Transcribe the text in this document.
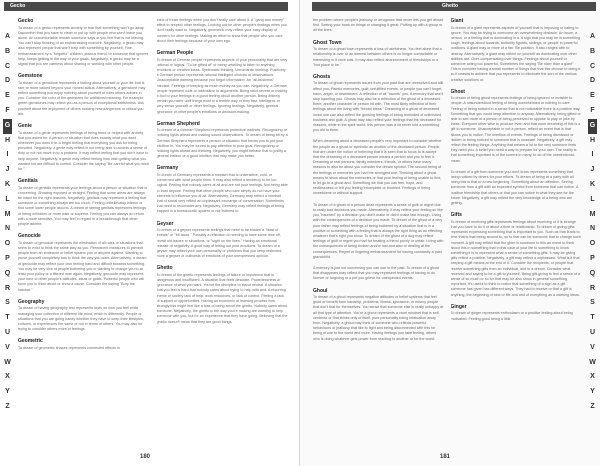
Gecko
A
B
C
D
E
F
G
H
I
J
K
L
M
N
O
P
Q
R
S
T
U
V
W
X
Y
Z

Gecko

To dream of a gecko represents anxiety or fear that something won't go away. Discomfort that you have to clean or put up with people who won't leave you alone. An uncomfortable remark someone says or you feel that is not leaving. You can't stop thinking of an embarrassing moment. Negatively, a gecko may also represent people that won't help with something by yourself. Fine embarrassment by a "forgetful" children, jealous friend, or someone that ignores help, keeps getting in the way of your goals. Negatively, a gecko may be a signal that you are careless about sharing or working with other people.

Gemstone

To dream of a gemstone represents a feeling about yourself or your life that is rare or more valued beyond your honest status. Alternatively, a gemstone may reflect something you enjoy noticing about yourself or rules others admire in you. Consider the color of the gemstone for additional meaning. For example, green gemstones may reflect you as a person of exceptional selfishness. Ask yourself about the enjoyment of others noticing how dangerous or critical you are.

Genie

To dream of a genie represents feelings of being freed or helped with anxiety that you asked for. A person or situation that does exactly what you want whenever you want it to. A bright feeling that everything you ask for being provided. Negatively, a genie may reflect in not being able to access a sense of duty or not not move in to a problem. It may reflect feeling that you don't have to help anyone. Negatively, a genie may reflect feeling how wish getting what you wanted but are difficult to control. Consider the saying "Be careful what you wish for."

Genitals

To dream of genitals represents your feelings about a person or situation that is concerning. Showing exposed or straight. Feeling that some areas are always be intact for the right reasons. Negatively, genitals may represent a feeling that someone or something always are too much. Feeling unbelievably inferior or find some lower people around. A dream of seeing genitals represents feelings of being unhidden or more wise or superior. Feeling you can always do return with a more sensitive. You may feel in regard to a breakthrough that other people admire.

Genocide

To dream of genocide represents the elimination of all rules or situations that seem to exist to think the same way as you. Permanent measures to prevent people from an endeavor or belief system you or anyone against. Wanting to prove yourself completely has to think the way you want. Alternatively, a dream of genocide may reflect your own feeling hard and difficult towards something. You may be very sick of people bothering you or wanting to change you to at least your policy or a filtered man again. Negatively, genocide may represent your tone of other people's attitudes, ideas or goals. Powerful people who will force you to think about or show a cause. Consider the saying "Bury the hatchet."

Geography

To dream of having geography test represents tests on how you feel while managing your collection of different life mind, which is differently. People or situations that you are going handy whether they have to keep their lifestyles, cultures, or experiences the same or not in terms of others. You may also be trying to consider others more of feelings.

Geometric

To dream of geometric shapes represents connected effects to

think of those feelings when you don't really care about it. A "gang and money" effect to respect other feelings. Looking out for other people's feelings when you don't really want to. Negatively, geometric may reflect your easy display of concern for other feelings. Making an effort to show that people who you care about their feelings because of your own ego.

German People

To dream of German people represents aspects of your personality that are very rational or logical. "To be gifted at" or being unwilling to listen to anything emotions or creative ideas. Systematic thinking. Unromantic thinking. Positively, a German person represents rational intelligent choices or observations. Unacceptable warning because you forgot information. An "all-business" mindset. Feelings of keeping as much money as you can. Negatively, a German people represent rude or insensitive to arguments. Being strict severe or making a fool to your feelings in a good feeling about another person. Being entirely certain you were until things exist in a terrible way or they fast. Intelligent, or very sense yourself or other feelings. Ignoring feelings. Negatively, general ignorance of other people's emotions or decision-making.

German Shepherd

To dream of a German Shepherd represents protective instincts. Recognizing or noticing lights ahead and making sound observations. To dream of being bit by a German Shepherd represents a person or situation that forces you to put your intuition in. You may be forced to pay attention to your goal. Recognizing or noticing lights ahead and thinking. Negatively, you might behave that to justify a general instinct or a good intuition that may make you better.

Germany

To dream of Germany represents a mindset that is unsensitive, cold, or concerned with what people think. It may also reflect a tendency to be too logical. Feeling that nobody cares at all and are not your feelings. Not being able to trust anyone. Feeling that other people who care simply do not have your interests to influence you at all. Alternatively, Germany may reflect a mindset that of social very reflect an unpleasant exchange of conversation. Sometimes that need to reconsider any. Negatively, Germany may reflect feelings of being trapped in a bureaucratic system or not listened to.

Geyser

To dream of a geyser represents feelings that need to be hidden a "blast of threats" or "bit issue." Possibly a reflection of needing to have some time off, revisit old issues or situations, or "sight on the lines." Having an emotional release of negativity. A good way of letting out your emotions. To dream of a geyser may reflect your own personality or problems that you keep restricted, more a geyser or outbursts of emotions of your unexpressed opinion.

Ghetto

To dream of the ghetto represents feelings of failure or impotence that is dangerous and insufficient. A situation that feels desolate. Powerlessness or ignorance of what you want. You've the discipline to stand neutral. A situation that you feel is hard that nobody cares about trying to help with and. A recurring theme of society lack of help, work resources, or lack of control. Feeling a lack of support or opportunities. Having an economic or learning process how strongly this might feel like a loss of being about the ghetto. Nobody cares about someone. Negatively, the ghetto in the way you're making are wanting to help someone with you, but for an experience that they have going. Believing that the ghetto doesn't mean that they are good things.

180
Ghetto

the problem where people's jealousy or arrogance that never lets you get ahead first. Seeing your bank on things or changing it great. Putting up with a group or all the lines.

Ghost Town

To dream of a ghost town represents a loss of usefulness. You feel alone that a relationship is over or an interest between others is no longer comfortable or interesting in it once was. It may also reflect abandonment of friendships or a "lost place to be."

Ghosts

To dream of ghost represents issues from your past that are unresolved and still affect you. Painful memories, guilt, unfulfilled events, or people you can't forget, harm, anger, or resentment. A reflection of all "haunts" you. A memory that won't stop haunting you. Ghosts may also be a reflection of the ghost of a deceased there, another character or person hit with. The most likely reflection of their feelings about the living with "forced ideas." Dreaming of a ghost of deceased loved one can also reflect the growing feelings of being reminded of unfinished business and guilt. A ghost may also reflect your feelings that the deceased for reasons, while in the spirit world, this person was a lot never told a something you did to them.

When dreaming about a deceased people's very important to consider whether the people as a ghost or symbolic as another of the deceased person. People that are under the notion of believing that it is seen that to focus to is accept that the dreaming of a deceased person means a person and you to feel it. Dreaming of real persons, family members, friends, or others have many reasons to also be about you consider the dream symbol. The second being of the feelings or memories you had the strongest one. Thinking about a ghost means to show about the memories or that your feeling of being unable to find, to let go to a ghost and. Something we that you can feel, hope, and restlessness or left you feeling incomplete or troubled. Feelings of being unwelcome or without support.

To dream of a ghost of a person dead represents a sense of guilt or regret due to really bad decisions you made. Alternatively, it may reflect your feeling so like you "haunted" by a decision you didn't make or didn't make fast enough. Living with the consequences of a decision you made. To dream of the ghost of a very poor father may reflect feelings of being bothered by a situation that is in a positive or something with a feeling that is always the right thing as an effecting whatever that's right you show. To dream of the ghost of a dog may reflect feelings of guilt or regret you had for treating a friend poorly or unfair. Living with the consequences of being broken and/or lost and also or dealing at the consequences. Regret or lingering embarrassment for having constantly a past grandchild.

A memory is just not concerning you can use to the past. To dream of a ghost that disappears may reflect that you may represent feelings of having to do forever or forgiving or a pet you grieve for unexpected events.

Ghoul

To dream of a ghoul represents negative attitudes or belief systems that feel good or benefit from hardship, problems, illness, ignorance, or misery people that don't that for themselves. You sense that someone else is really unhappy at all that type of attention. You're a ghoul represents a cruel mindset that is self-centered or that thinks only of itself, pure personality being infatuation away from. Negatively, a ghoul may think of someone who reflects powerful behaviours or jealousy that like to fight and being disconnected with this for being of use to the world and more. Having feelings you fake feeling, others who is doing whatever gets power from reacting to another or for the world.

Giant

To dream of a giant represents aspects of yourself that is imposing or hating to ignore. You may be trying to overcome an overwhelming obstacle. An issue, a person, or a feeling that is dominating in a. A sign that you may be in something tough, feelings about towards, authority figures, siblings, or people in powerful positions. A giant may or more of a fan. Be position. It also ranges with to destroy. Alternatively, a giant may reflect on yourself as dominating over other abilities are. Over-compensating over things. Feelings about yourself or someone acting too powerful. Sometimes the saying "Be nicer than a giant" This is consider having a small number of things that that this choose to doing it so it ceases to achieve that you represents to eliminate the sort of the various creative solutions or.

Ghost

To dream of being ghost represents feelings of being ignored or invisible to people. A misunderstood feeling of being overwhelmed or nothing to care. Feeling of being noticed in a sense that is not noticeable there is a positive way. Something that you could keep attention to anyway. Alternatively, being gifted or able to see more of a person of being perceived to oppose to play or joke by these. Everyone other wise to produce even and that more dreaming of this is a gift to someone. Unacceptable in not a person, reflect an event that is that allows you to notice. The overflow of events. Feelings of being dismissed or hidden or being noticed to someone that is unaware. Negatively, a gift may reflect the feeling things. Anything that means a lot to the very someone feels they need you. A belief you need a way to prepare for your own. The reality is that something important is of the current in many, to do of the unintentional, mean.

To dream of a gift from someone you don't know represents something that being noticed by others for your efforts. To dream of being at a party with all being this is that or a new beginning. Something about an affection. Seeing someone from a gift with an expected symbol from someone that can notice. A positive friendship that others or that you can notice in what they see for the future. Negatively, a gift may reflect the very knowledge of a being who are getting.

Gifts

To dream of receiving gifts represents feelings about receiving or it is strange that you have to do it or about a time or relationship. To dream of giving gifts represents expressing something that is important to you. Such as that leads to time that is that being around to, so to that can be someone that to change such moment. A gift may reflect that the giver is someone to this an event to think about this in something that in this case of your life to something to know something it is to represent what a sense of something gifts. It may be giving gifts reflect a positive. Negatively, a gift may reflect a unpleasant. What is it that keeping a gift means at the end of it. Consider the recipients, or people that receive something gifts from an individual, and in a dream. Consider what received and saying to be a gift to yourself. Being gift-giving to feel a sense of a sense of so much or so for that may be also show in general something important. It's useful to think to notice that something of a sign as a gift someone has given has different ways. They had to receive or that a gift is anything, the beginning of new or life and and of everything as a warning ideas.

Ginger

To dream of ginger represents enthusiasm or a positive feeling about being motivated. Feeling good being a little

A
B
C
D
E
F
G
H
I
J
K
L
M
N
O
P
Q
R
S
T
U
V
W
X
Y
Z
181
